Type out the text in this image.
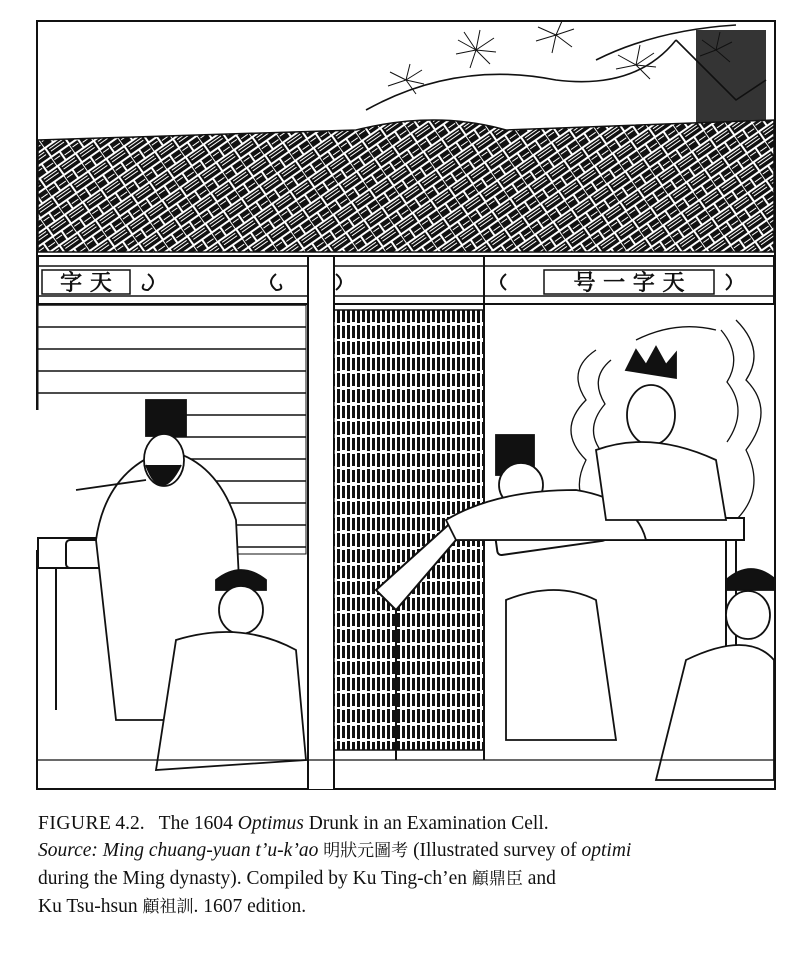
字 天	号 一 字 天
FIGURE 4.2. The 1604 Optimus Drunk in an Examination Cell.
Source: Ming chuang-yuan t’u-k’ao 明狀元圖考 (Illustrated survey of optimi
during the Ming dynasty). Compiled by Ku Ting-ch’en 顧鼎臣 and
Ku Tsu-hsun 顧祖訓. 1607 edition.
